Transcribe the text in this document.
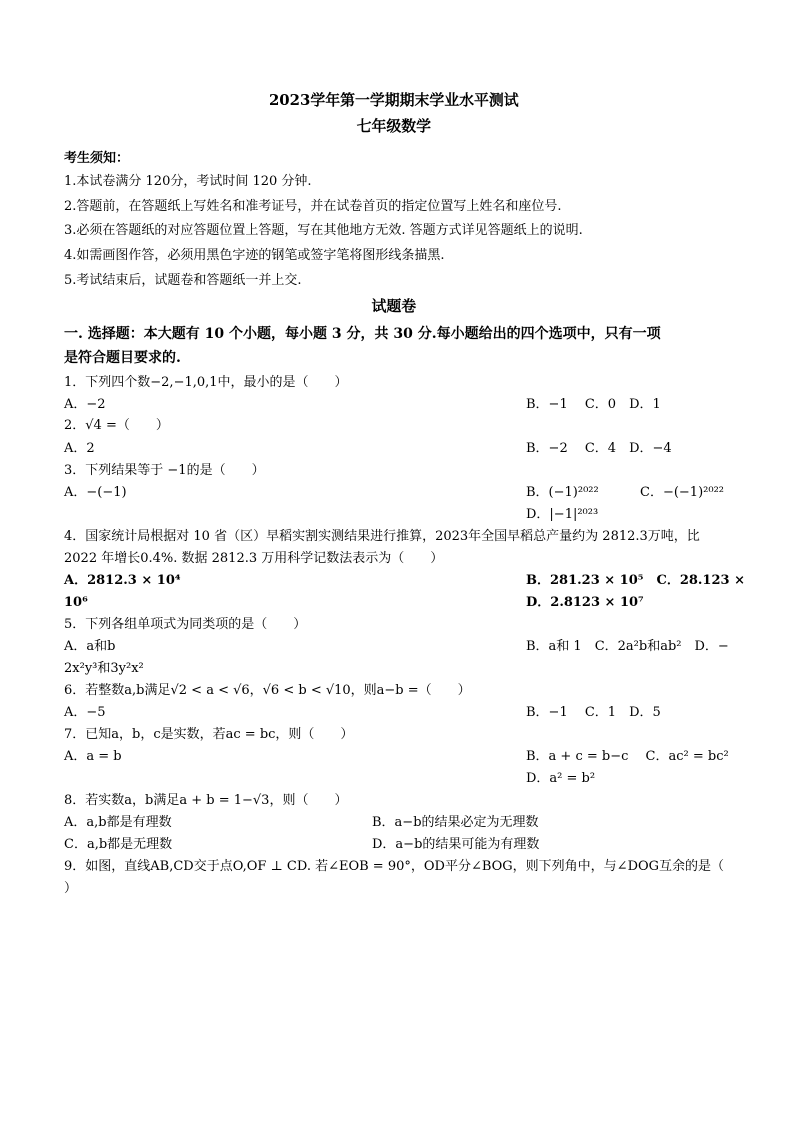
2023学年第一学期期末学业水平测试
七年级数学
考生须知：
1.本试卷满分 120分，考试时间 120 分钟.
2.答题前，在答题纸上写姓名和准考证号，并在试卷首页的指定位置写上姓名和座位号.
3.必须在答题纸的对应答题位置上答题，写在其他地方无效. 答题方式详见答题纸上的说明.
4.如需画图作答，必须用黑色字迹的钢笔或签字笔将图形线条描黑.
5.考试结束后，试题卷和答题纸一并上交.
试题卷
一. 选择题：本大题有 10 个小题，每小题 3 分，共 30 分.每小题给出的四个选项中，只有一项
是符合题目要求的.
1．下列四个数−2,−1,0,1中，最小的是（　　）
A．−2	B．−1　 C．0　D．1
2．√4 =（　　）
A．2	B．−2　 C．4　D．−4
3．下列结果等于 −1的是（　　）
A．−(−1)	B．(−1)²⁰²²	C．−(−1)²⁰²²
D．|−1|²⁰²³
4．国家统计局根据对 10 省（区）早稻实割实测结果进行推算，2023年全国早稻总产量约为 2812.3万吨，比
2022 年增长0.4%. 数据 2812.3 万用科学记数法表示为（　　）
A．2812.3 × 10⁴	B．281.23 × 10⁵　C．28.123 ×
10⁶	D．2.8123 × 10⁷
5．下列各组单项式为同类项的是（　　）
A．a和b	B．a和 1　C．2a²b和ab²　D．−
2x²y³和3y²x²
6．若整数a,b满足√2 < a < √6，√6 < b < √10，则a−b =（　　）
A．−5	B．−1　 C．1　D．5
7．已知a，b，c是实数，若ac = bc，则（　　）
A．a = b	B．a + c = b−c　 C．ac² = bc²
D．a² = b²
8．若实数a，b满足a + b = 1−√3，则（　　）
A．a,b都是有理数	B．a−b的结果必定为无理数
C．a,b都是无理数	D．a−b的结果可能为有理数
9．如图，直线AB,CD交于点O,OF ⊥ CD. 若∠EOB = 90°，OD平分∠BOG，则下列角中，与∠DOG互余的是（
）
